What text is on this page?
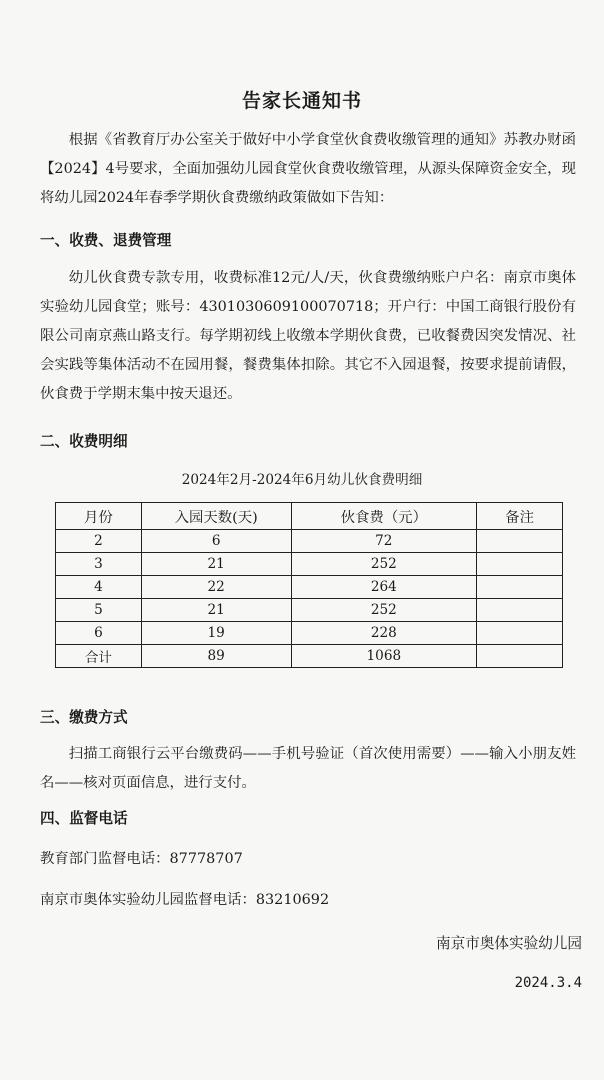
告家长通知书

根据《省教育厅办公室关于做好中小学食堂伙食费收缴管理的通知》苏教办财函【2024】4号要求，全面加强幼儿园食堂伙食费收缴管理，从源头保障资金安全，现将幼儿园2024年春季学期伙食费缴纳政策做如下告知：

一、收费、退费管理

幼儿伙食费专款专用，收费标准12元/人/天，伙食费缴纳账户户名：南京市奥体实验幼儿园食堂；账号：4301030609100070718；开户行：中国工商银行股份有限公司南京燕山路支行。每学期初线上收缴本学期伙食费，已收餐费因突发情况、社会实践等集体活动不在园用餐，餐费集体扣除。其它不入园退餐，按要求提前请假，伙食费于学期末集中按天退还。

二、收费明细
2024年2月-2024年6月幼儿伙食费明细
月份	入园天数(天)	伙食费（元）	备注
2	6	72	
3	21	252	
4	22	264	
5	21	252	
6	19	228	
合计	89	1068	
三、缴费方式

扫描工商银行云平台缴费码——手机号验证（首次使用需要）——输入小朋友姓名——核对页面信息，进行支付。

四、监督电话
教育部门监督电话：87778707
南京市奥体实验幼儿园监督电话：83210692
南京市奥体实验幼儿园
2024.3.4
